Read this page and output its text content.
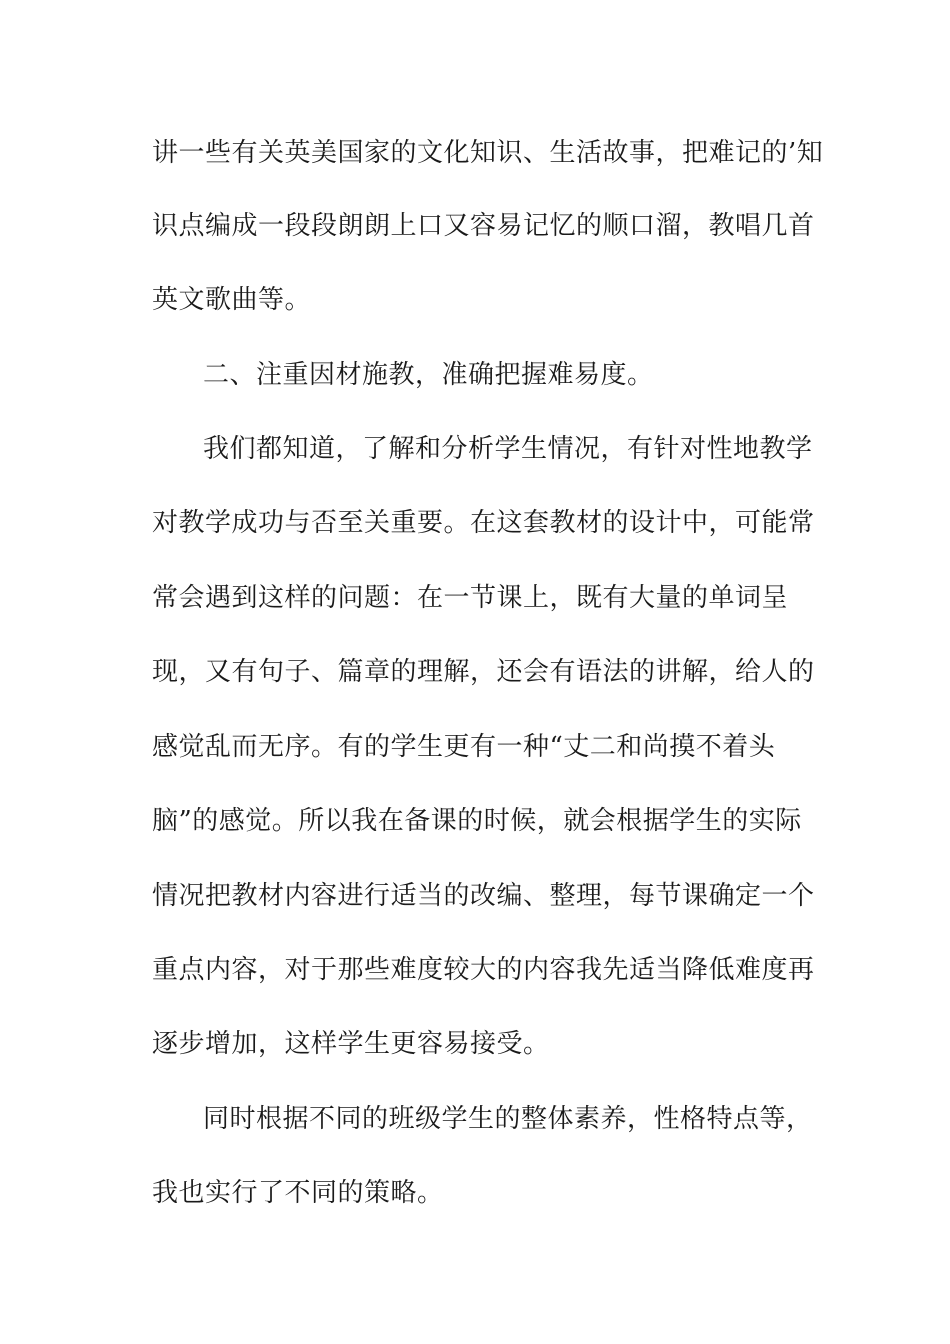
讲一些有关英美国家的文化知识、生活故事，把难记的’知
识点编成一段段朗朗上口又容易记忆的顺口溜，教唱几首
英文歌曲等。
二、注重因材施教，准确把握难易度。
我们都知道，了解和分析学生情况，有针对性地教学
对教学成功与否至关重要。在这套教材的设计中，可能常
常会遇到这样的问题：在一节课上，既有大量的单词呈
现，又有句子、篇章的理解，还会有语法的讲解，给人的
感觉乱而无序。有的学生更有一种“丈二和尚摸不着头
脑”的感觉。所以我在备课的时候，就会根据学生的实际
情况把教材内容进行适当的改编、整理，每节课确定一个
重点内容，对于那些难度较大的内容我先适当降低难度再
逐步增加，这样学生更容易接受。
同时根据不同的班级学生的整体素养，性格特点等，
我也实行了不同的策略。
